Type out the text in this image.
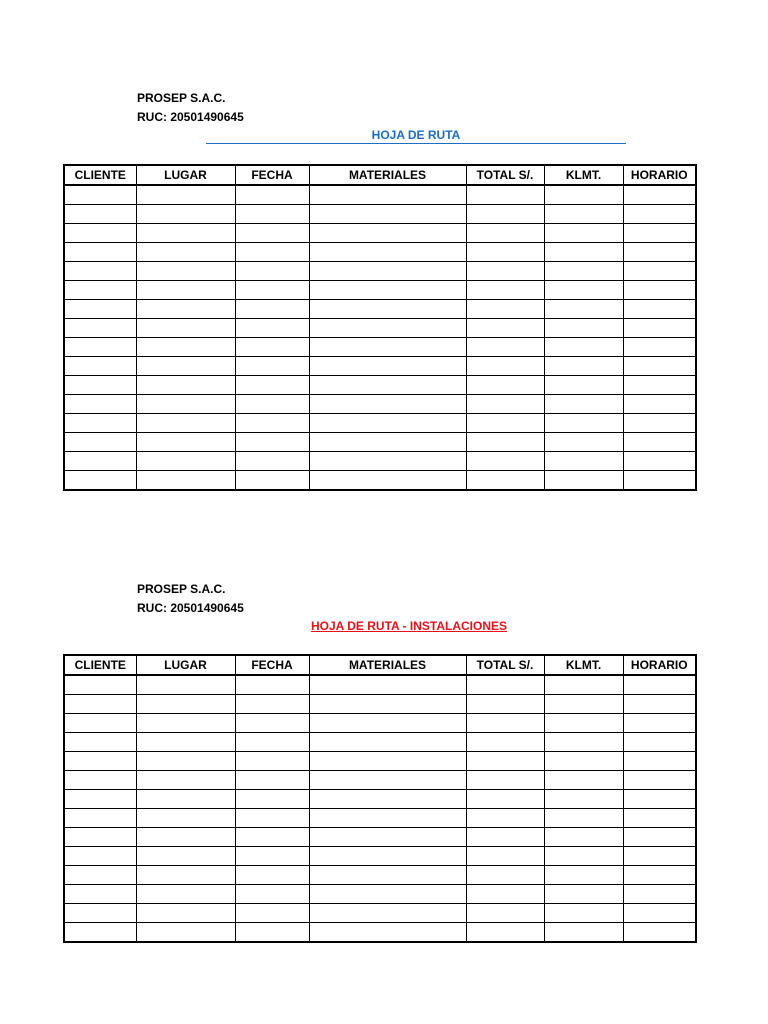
PROSEP S.A.C.
RUC: 20501490645
HOJA DE RUTA
CLIENTE	LUGAR	FECHA	MATERIALES	TOTAL S/.	KLMT.	HORARIO

PROSEP S.A.C.
RUC: 20501490645
HOJA DE RUTA - INSTALACIONES
CLIENTE	LUGAR	FECHA	MATERIALES	TOTAL S/.	KLMT.	HORARIO
